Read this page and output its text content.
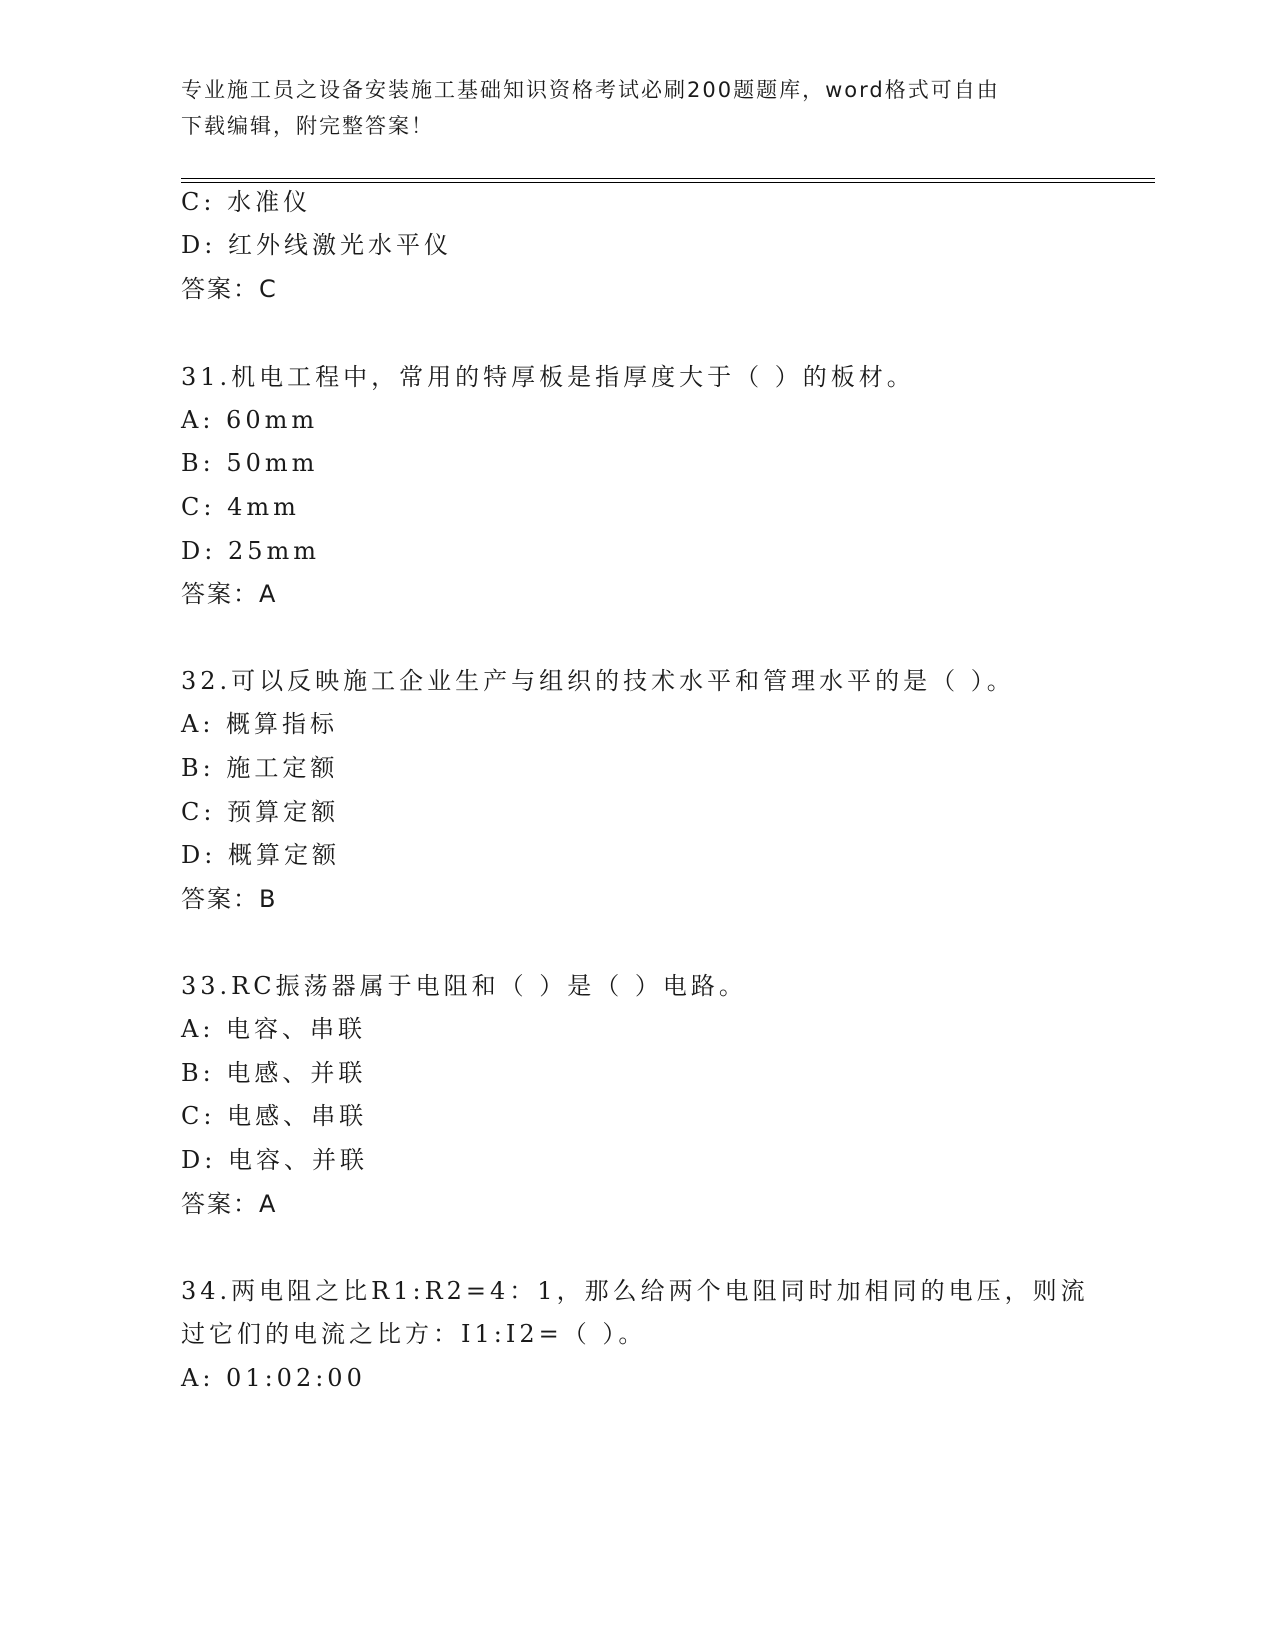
专业施工员之设备安装施工基础知识资格考试必刷200题题库，word格式可自由
下载编辑，附完整答案！
C: 水准仪
D: 红外线激光水平仪
答案：C
31.机电工程中，常用的特厚板是指厚度大于（ ）的板材。
A: 60mm
B: 50mm
C: 4mm
D: 25mm
答案：A
32.可以反映施工企业生产与组织的技术水平和管理水平的是（ ）。
A: 概算指标
B: 施工定额
C: 预算定额
D: 概算定额
答案：B
33.RC振荡器属于电阻和（ ）是（ ）电路。
A: 电容、串联
B: 电感、并联
C: 电感、串联
D: 电容、并联
答案：A
34.两电阻之比R1:R2=4：1，那么给两个电阻同时加相同的电压，则流
过它们的电流之比方：I1:I2=（ ）。
A: 01:02:00
